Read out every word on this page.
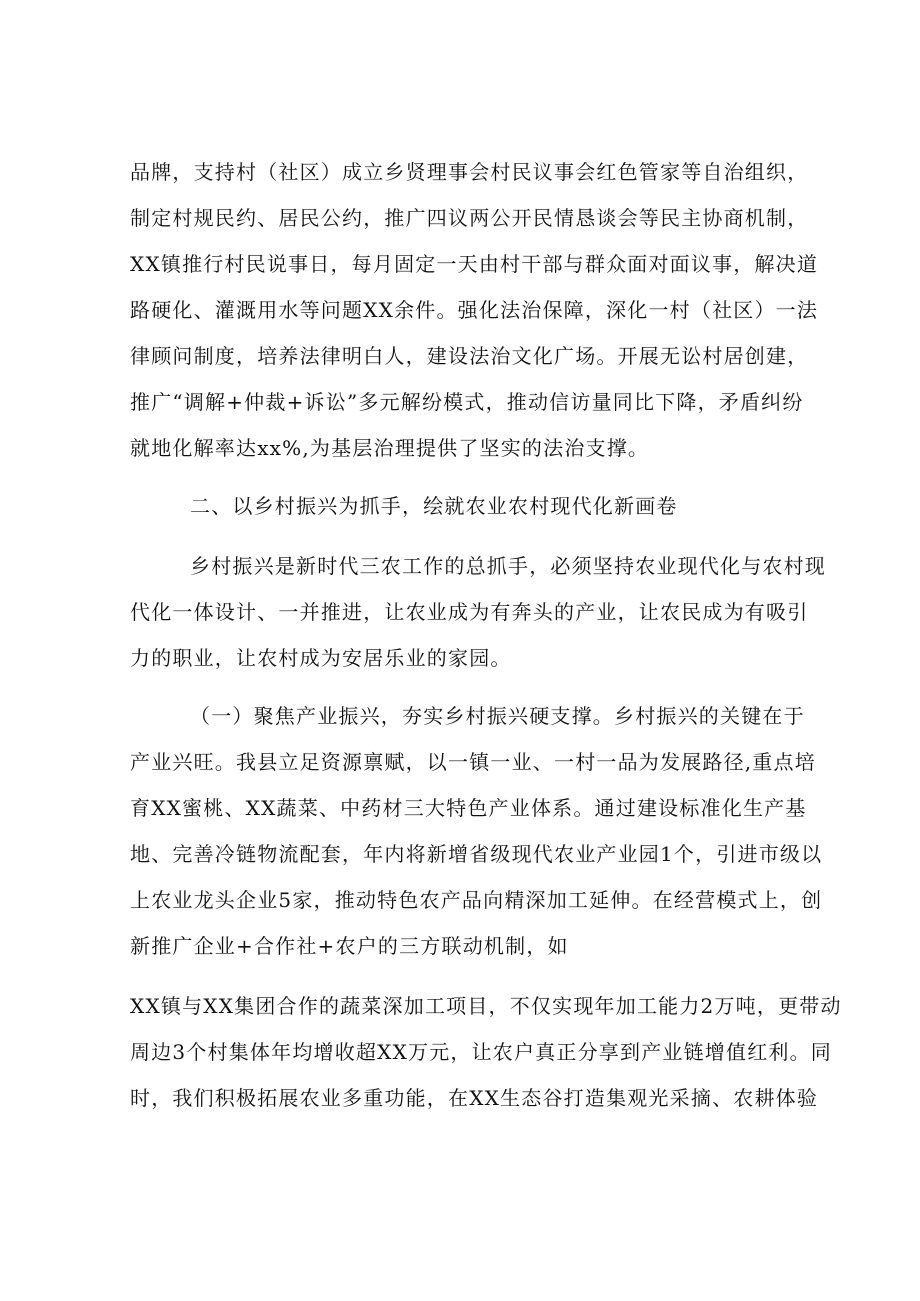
品牌，支持村（社区）成立乡贤理事会村民议事会红色管家等自治组织，
制定村规民约、居民公约，推广四议两公开民情恳谈会等民主协商机制，
XX镇推行村民说事日，每月固定一天由村干部与群众面对面议事，解决道
路硬化、灌溉用水等问题XX余件。强化法治保障，深化一村（社区）一法
律顾问制度，培养法律明白人，建设法治文化广场。开展无讼村居创建，
推广“调解+仲裁+诉讼”多元解纷模式，推动信访量同比下降，矛盾纠纷
就地化解率达xx%,为基层治理提供了坚实的法治支撑。
二、以乡村振兴为抓手，绘就农业农村现代化新画卷
乡村振兴是新时代三农工作的总抓手，必须坚持农业现代化与农村现
代化一体设计、一并推进，让农业成为有奔头的产业，让农民成为有吸引
力的职业，让农村成为安居乐业的家园。
（一）聚焦产业振兴，夯实乡村振兴硬支撑。乡村振兴的关键在于
产业兴旺。我县立足资源禀赋，以一镇一业、一村一品为发展路径,重点培
育XX蜜桃、XX蔬菜、中药材三大特色产业体系。通过建设标准化生产基
地、完善冷链物流配套，年内将新增省级现代农业产业园1个，引进市级以
上农业龙头企业5家，推动特色农产品向精深加工延伸。在经营模式上，创
新推广企业+合作社+农户的三方联动机制，如
XX镇与XX集团合作的蔬菜深加工项目，不仅实现年加工能力2万吨，更带动
周边3个村集体年均增收超XX万元，让农户真正分享到产业链增值红利。同
时，我们积极拓展农业多重功能，在XX生态谷打造集观光采摘、农耕体验
